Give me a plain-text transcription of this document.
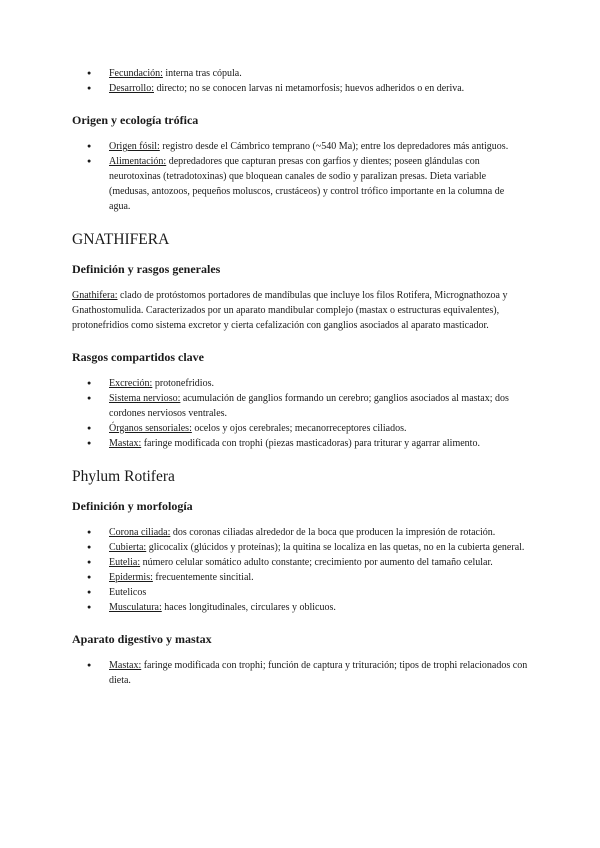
● Fecundación: interna tras cópula.
● Desarrollo: directo; no se conocen larvas ni metamorfosis; huevos adheridos o en deriva.
Origen y ecología trófica
● Origen fósil: registro desde el Cámbrico temprano (~540 Ma); entre los depredadores más antiguos.
● Alimentación: depredadores que capturan presas con garfios y dientes; poseen glándulas con neurotoxinas (tetradotoxinas) que bloquean canales de sodio y paralizan presas. Dieta variable (medusas, antozoos, pequeños moluscos, crustáceos) y control trófico importante en la columna de agua.
GNATHIFERA
Definición y rasgos generales

Gnathifera: clado de protóstomos portadores de mandíbulas que incluye los filos Rotifera, Micrognathozoa y Gnathostomulida. Caracterizados por un aparato mandibular complejo (mastax o estructuras equivalentes), protonefridios como sistema excretor y cierta cefalización con ganglios asociados al aparato masticador.

Rasgos compartidos clave
● Excreción: protonefridios.
● Sistema nervioso: acumulación de ganglios formando un cerebro; ganglios asociados al mastax; dos cordones nerviosos ventrales.
● Órganos sensoriales: ocelos y ojos cerebrales; mecanorreceptores ciliados.
● Mastax: faringe modificada con trophi (piezas masticadoras) para triturar y agarrar alimento.
Phylum Rotifera
Definición y morfología
● Corona ciliada: dos coronas ciliadas alrededor de la boca que producen la impresión de rotación.
● Cubierta: glicocalix (glúcidos y proteínas); la quitina se localiza en las quetas, no en la cubierta general.
● Eutelia: número celular somático adulto constante; crecimiento por aumento del tamaño celular.
● Epidermis: frecuentemente sincitial.
● Eutelicos
● Musculatura: haces longitudinales, circulares y oblicuos.
Aparato digestivo y mastax
● Mastax: faringe modificada con trophi; función de captura y trituración; tipos de trophi relacionados con dieta.
